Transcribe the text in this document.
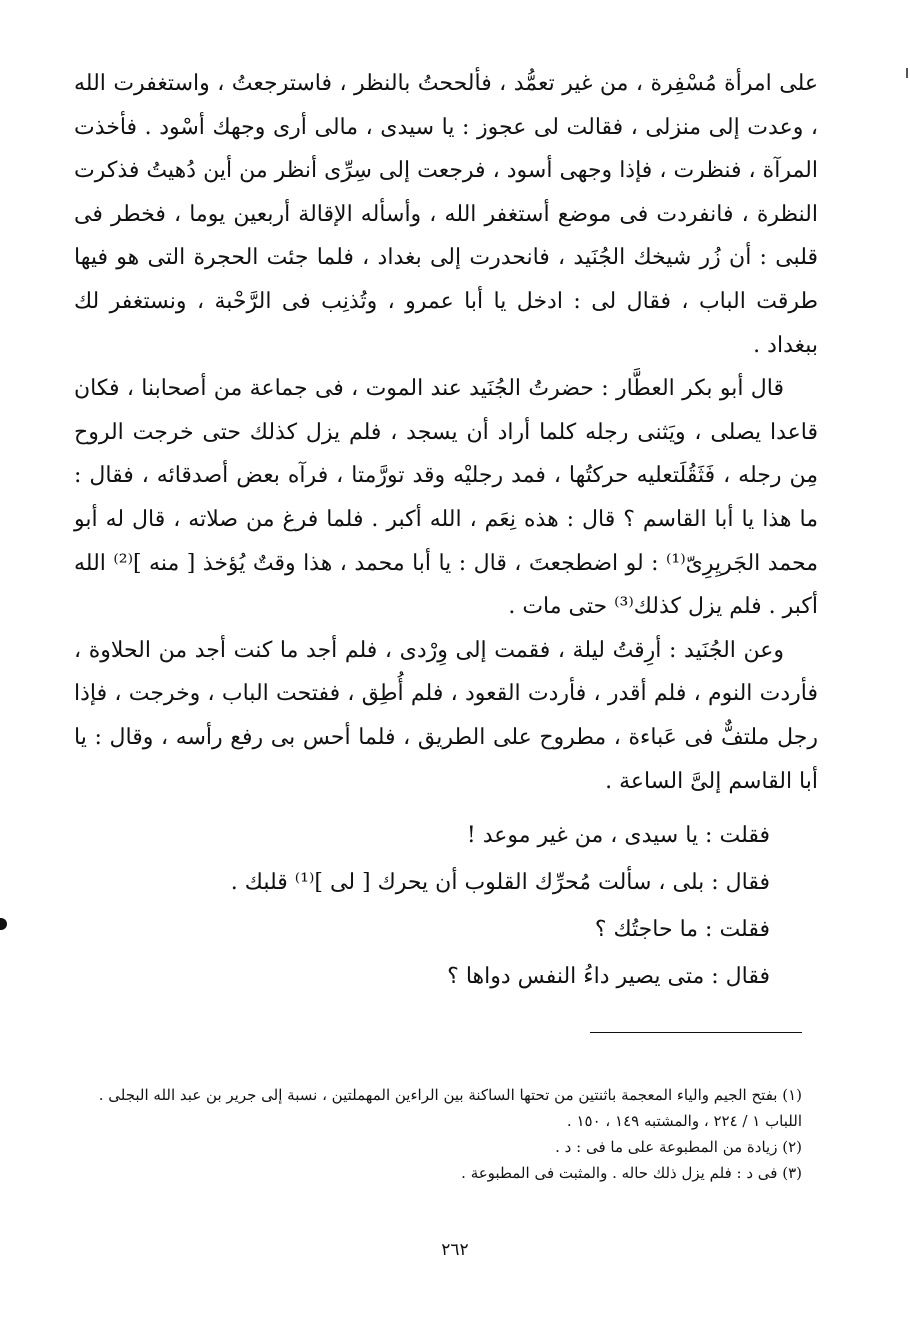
على امرأة مُسْفِرة ، من غير تعمُّد ، فألححتُ بالنظر ، فاسترجعتُ ، واستغفرت الله ، وعدت إلى منزلى ، فقالت لى عجوز : يا سيدى ، مالى أرى وجهك أسْود . فأخذت المرآة ، فنظرت ، فإذا وجهى أسود ، فرجعت إلى سِرِّى أنظر من أين دُهيتُ فذكرت النظرة ، فانفردت فى موضع أستغفر الله ، وأسأله الإقالة أربعين يوما ، فخطر فى قلبى : أن زُر شيخك الجُنَيد ، فانحدرت إلى بغداد ، فلما جئت الحجرة التى هو فيها طرقت الباب ، فقال لى : ادخل يا أبا عمرو ، وتُذنِب فى الرَّحْبة ، ونستغفر لك ببغداد .

قال أبو بكر العطَّار : حضرتُ الجُنَيد عند الموت ، فى جماعة من أصحابنا ، فكان قاعدا يصلى ، ويَثنى رجله كلما أراد أن يسجد ، فلم يزل كذلك حتى خرجت الروح مِن رجله ، فَثَقُلَتعليه حركتُها ، فمد رجليْه وقد تورَّمتا ، فرآه بعض أصدقائه ، فقال : ما هذا يا أبا القاسم ؟ قال : هذه نِعَم ، الله أكبر . فلما فرغ من صلاته ، قال له أبو محمد الجَريِرِىّ⁽¹⁾ : لو اضطجعتَ ، قال : يا أبا محمد ، هذا وقتٌ يُؤخذ [ منه ]⁽²⁾ الله أكبر . فلم يزل كذلك⁽³⁾ حتى مات .

وعن الجُنَيد : أرِقتُ ليلة ، فقمت إلى وِرْدى ، فلم أجد ما كنت أجد من الحلاوة ، فأردت النوم ، فلم أقدر ، فأردت القعود ، فلم أُطِق ، ففتحت الباب ، وخرجت ، فإذا رجل ملتفٌّ فى عَباءة ، مطروح على الطريق ، فلما أحس بى رفع رأسه ، وقال : يا أبا القاسم إلىَّ الساعة .

فقلت : يا سيدى ، من غير موعد !

فقال : بلى ، سألت مُحرِّك القلوب أن يحرك [ لى ]⁽¹⁾ قلبك .

فقلت : ما حاجتُك ؟

فقال : متى يصير داءُ النفس دواها ؟

(١) بفتح الجيم والياء المعجمة باثنتين من تحتها الساكنة بين الراءين المهملتين ، نسبة إلى جرير بن عبد الله البجلى .

اللباب ١ / ٢٢٤ ، والمشتبه ١٤٩ ، ١٥٠ .

(٢) زيادة من المطبوعة على ما فى : د .

(٣) فى د : فلم يزل ذلك حاله . والمثبت فى المطبوعة .

٢٦٢
